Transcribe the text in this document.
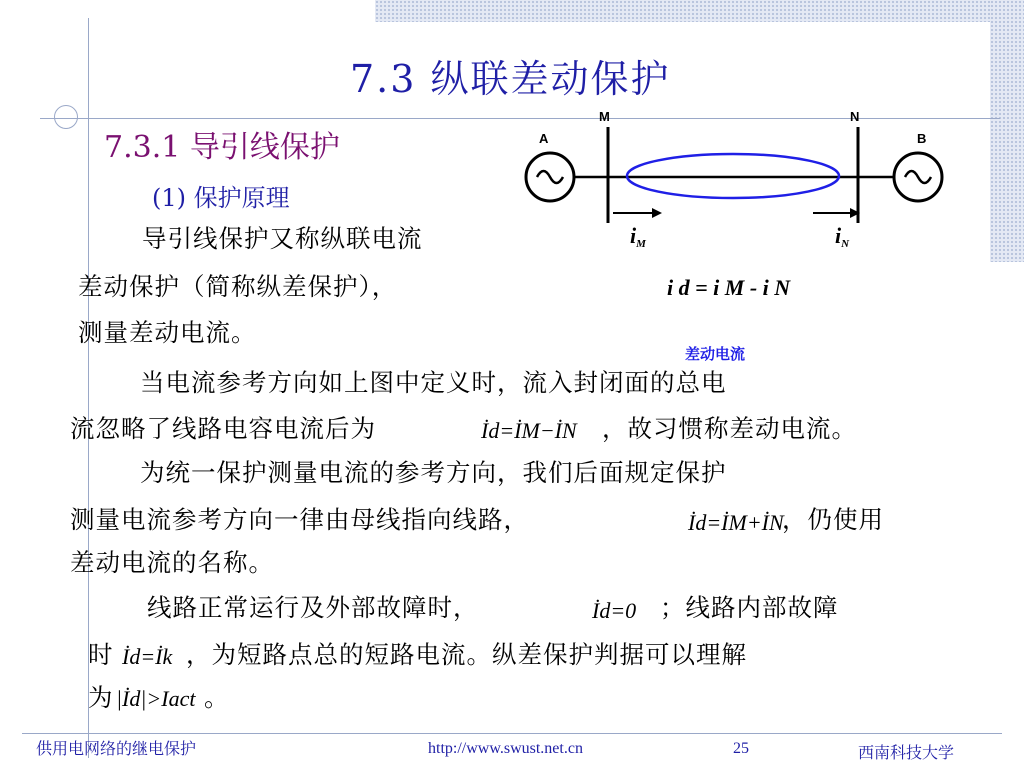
7.3 纵联差动保护
7.3.1 导引线保护
(1) 保护原理
导引线保护又称纵联电流
差动保护（简称纵差保护），
测量差动电流。
当电流参考方向如上图中定义时，流入封闭面的总电
流忽略了线路电容电流后为	İd=İM−İN ，故习惯称差动电流。
为统一保护测量电流的参考方向，我们后面规定保护
测量电流参考方向一律由母线指向线路，	İd=İM+İN
，仍使用
差动电流的名称。
线路正常运行及外部故障时，	İd=0 ；线路内部故障
时 İd=İk ，为短路点总的短路电流。纵差保护判据可以理解
为 |İd|>Iact 。
A	B
M	N
iM	iN
i d = i M - i N
差动电流
供用电网络的继电保护	http://www.swust.net.cn	25	西南科技大学
